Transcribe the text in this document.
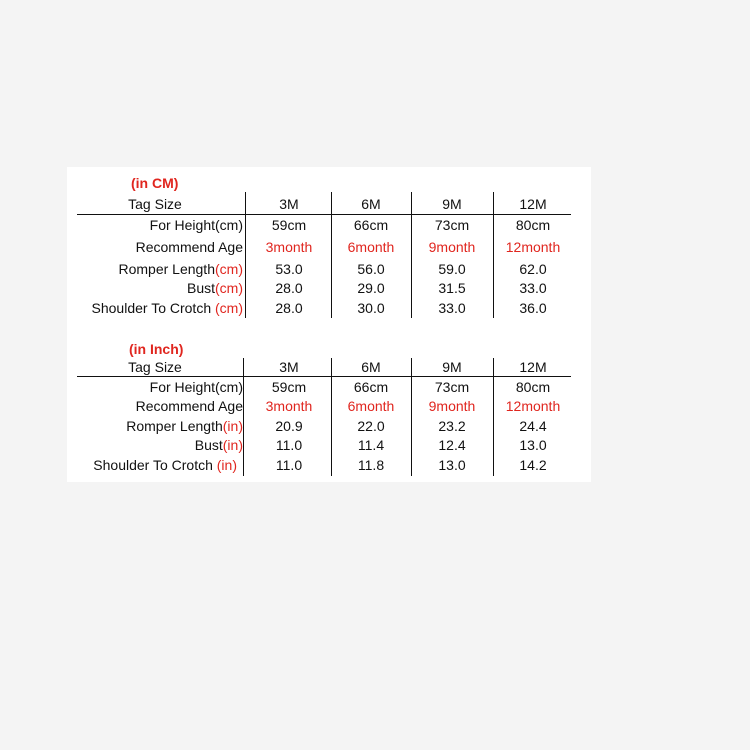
(in CM)
Tag Size	3M	6M	9M	12M
For Height(cm)	59cm	66cm	73cm	80cm
Recommend Age	3month	6month	9month	12month
Romper Length(cm)	53.0	56.0	59.0	62.0
Bust(cm)	28.0	29.0	31.5	33.0
Shoulder To Crotch (cm)	28.0	30.0	33.0	36.0
(in Inch)
Tag Size	3M	6M	9M	12M
For Height(cm)	59cm	66cm	73cm	80cm
Recommend Age	3month	6month	9month	12month
Romper Length(in)	20.9	22.0	23.2	24.4
Bust(in)	11.0	11.4	12.4	13.0
Shoulder To Crotch (in)	11.0	11.8	13.0	14.2
